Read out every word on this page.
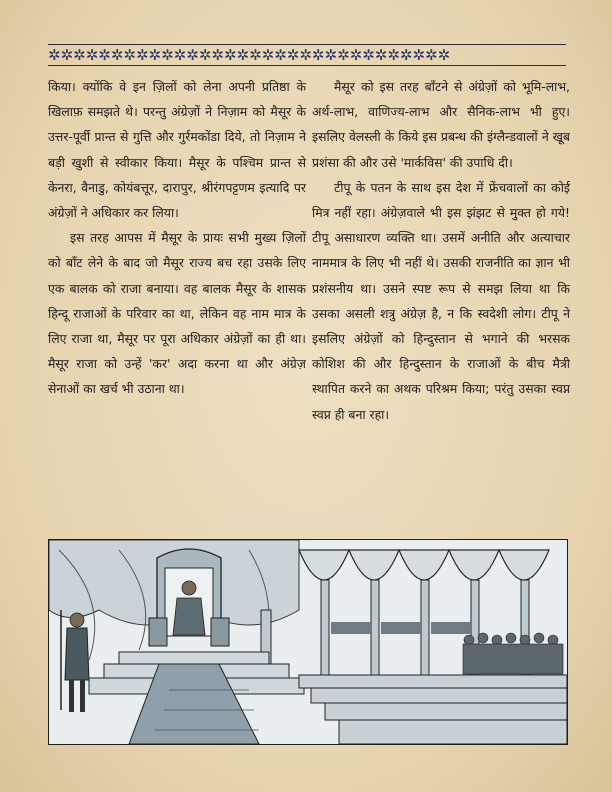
✲✲✲✲✲✲✲✲✲✲✲✲✲✲✲✲✲✲✲✲✲✲✲✲✲✲✲✲✲✲✲✲

किया। क्योंकि वे इन ज़िलों को लेना अपनी प्रतिष्ठा के खिलाफ़ समझते थे। परन्तु अंग्रेज़ों ने निज़ाम को मैसूर के उत्तर-पूर्वी प्रान्त से गुत्ति और गुर्रमकोंडा दिये, तो निज़ाम ने बड़ी खुशी से स्वीकार किया। मैसूर के पश्चिम प्रान्त से केनरा, वैनाडु, कोयंबत्तूर, दारापुर, श्रीरंगपट्टणम इत्यादि पर अंग्रेज़ों ने अधिकार कर लिया।

इस तरह आपस में मैसूर के प्रायः सभी मुख्य ज़िलों को बाँट लेने के बाद जो मैसूर राज्य बच रहा उसके लिए एक बालक को राजा बनाया। वह बालक मैसूर के शासक हिन्दू राजाओं के परिवार का था, लेकिन वह नाम मात्र के लिए राजा था, मैसूर पर पूरा अधिकार अंग्रेज़ों का ही था। मैसूर राजा को उन्हें 'कर' अदा करना था और अंग्रेज़ सेनाओं का खर्च भी उठाना था।

मैसूर को इस तरह बाँटने से अंग्रेज़ों को भूमि-लाभ, अर्थ-लाभ, वाणिज्य-लाभ और सैनिक-लाभ भी हुए। इसलिए वेलस्ली के किये इस प्रबन्ध की इंग्लैन्डवालों ने खूब प्रशंसा की और उसे 'मार्कविस' की उपाधि दी।

टीपू के पतन के साथ इस देश में फ्रेंचवालों का कोई मित्र नहीं रहा। अंग्रेज़वाले भी इस झंझट से मुक्त हो गये! टीपू असाधारण व्यक्ति था। उसमें अनीति और अत्याचार नाममात्र के लिए भी नहीं थे। उसकी राजनीति का ज्ञान भी प्रशंसनीय था। उसने स्पष्ट रूप से समझ लिया था कि उसका असली शत्रु अंग्रेज़ है, न कि स्वदेशी लोग। टीपू ने इसलिए अंग्रेज़ों को हिन्दुस्तान से भगाने की भरसक कोशिश की और हिन्दुस्तान के राजाओं के बीच मैत्री स्थापित करने का अथक परिश्रम किया; परंतु उसका स्वप्न स्वप्न ही बना रहा।
